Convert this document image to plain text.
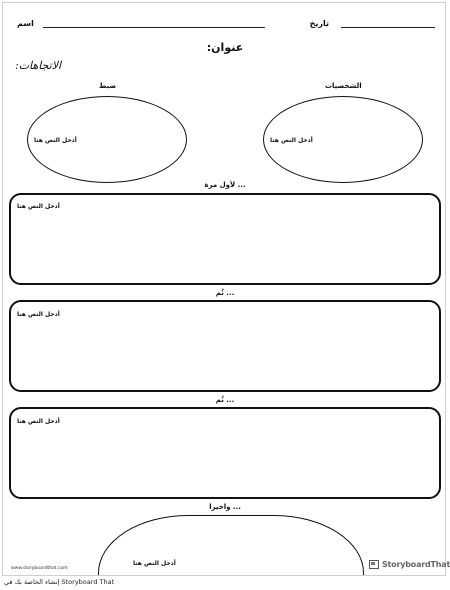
تاريخ
اسم
عنوان:
الاتجاهات:
ضبط
أدخل النص هنا
الشخصيات
أدخل النص هنا
... لأول مرة
أدخل النص هنا
... ثُم
أدخل النص هنا
... ثُم
أدخل النص هنا
... واخيرا
أدخل النص هنا
www.storyboardthat.com	StoryboardThat
إنشاء الخاصة بك في Storyboard That
